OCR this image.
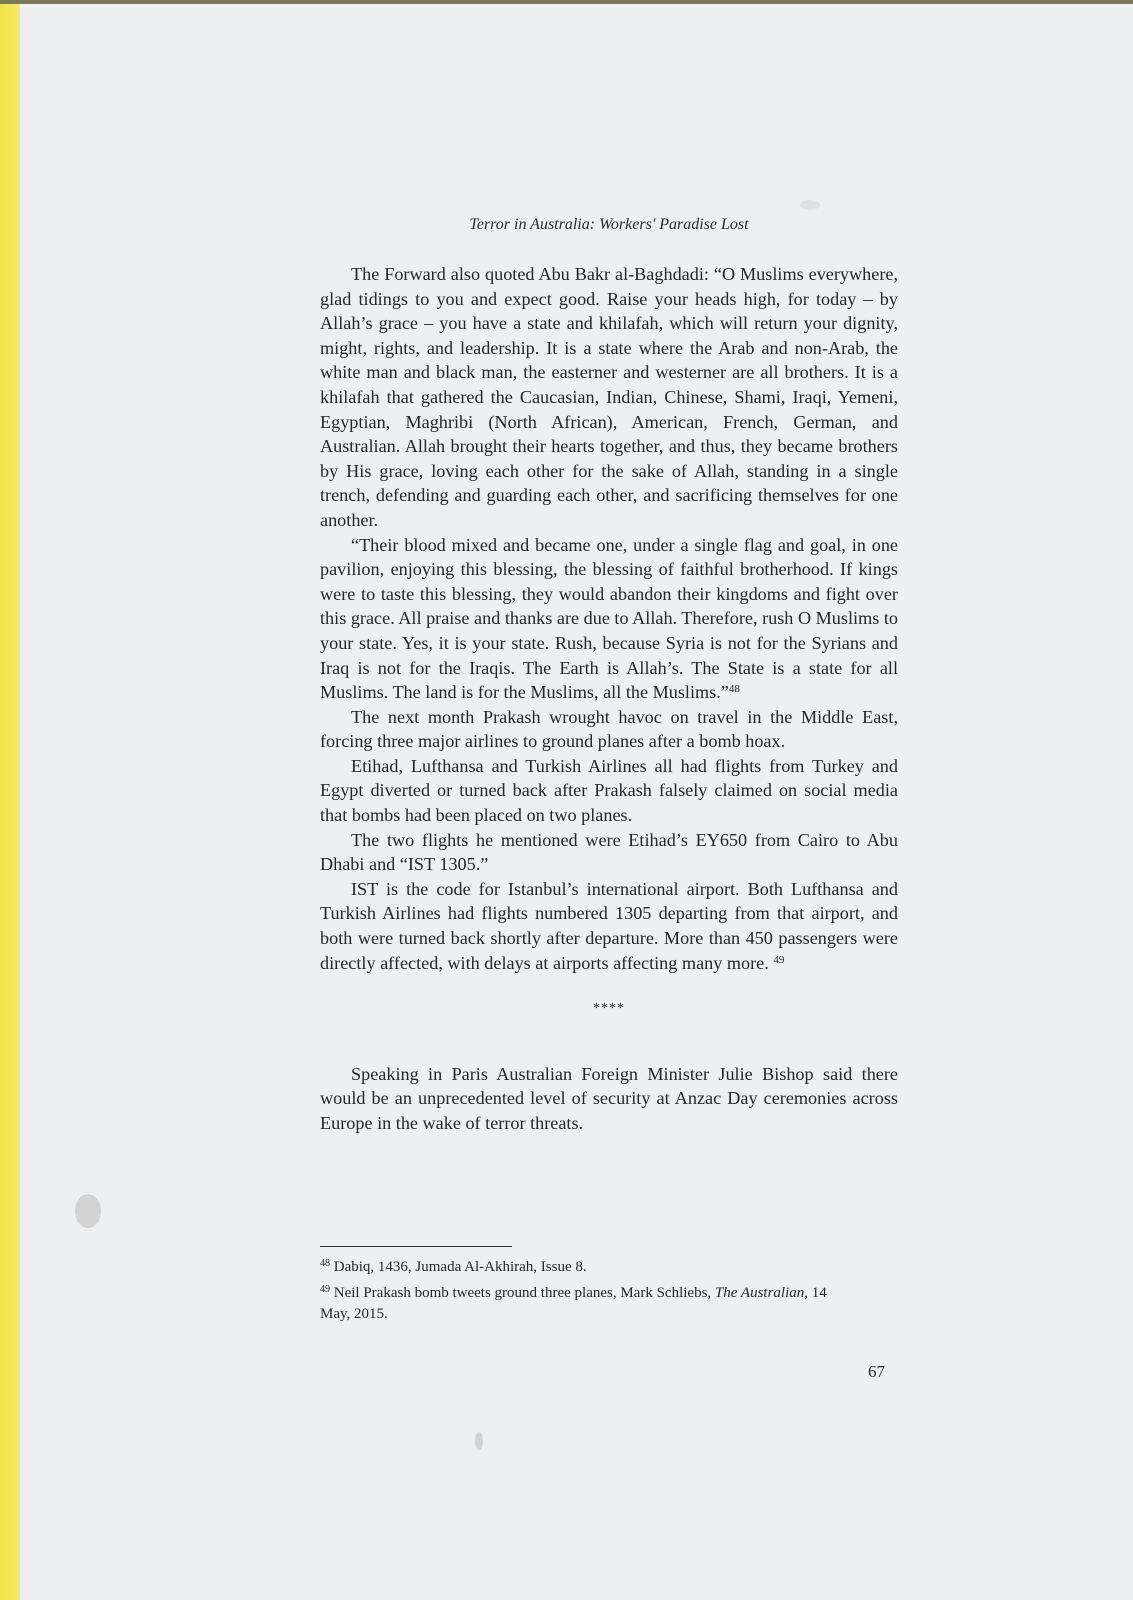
Terror in Australia: Workers' Paradise Lost

The Forward also quoted Abu Bakr al-Baghdadi: “O Muslims everywhere, glad tidings to you and expect good. Raise your heads high, for today – by Allah’s grace – you have a state and khilafah, which will return your dignity, might, rights, and leadership. It is a state where the Arab and non-Arab, the white man and black man, the easterner and westerner are all brothers. It is a khilafah that gathered the Caucasian, Indian, Chinese, Shami, Iraqi, Yemeni, Egyptian, Maghribi (North African), American, French, German, and Australian. Allah brought their hearts together, and thus, they became brothers by His grace, loving each other for the sake of Allah, standing in a single trench, defending and guarding each other, and sacrificing themselves for one another.

“Their blood mixed and became one, under a single flag and goal, in one pavilion, enjoying this blessing, the blessing of faithful brotherhood. If kings were to taste this blessing, they would abandon their kingdoms and fight over this grace. All praise and thanks are due to Allah. Therefore, rush O Muslims to your state. Yes, it is your state. Rush, because Syria is not for the Syrians and Iraq is not for the Iraqis. The Earth is Allah’s. The State is a state for all Muslims. The land is for the Muslims, all the Muslims.”$^{48}$

The next month Prakash wrought havoc on travel in the Middle East, forcing three major airlines to ground planes after a bomb hoax.

Etihad, Lufthansa and Turkish Airlines all had flights from Turkey and Egypt diverted or turned back after Prakash falsely claimed on social media that bombs had been placed on two planes.

The two flights he mentioned were Etihad’s EY650 from Cairo to Abu Dhabi and “IST 1305.”

IST is the code for Istanbul’s international airport. Both Lufthansa and Turkish Airlines had flights numbered 1305 departing from that airport, and both were turned back shortly after departure. More than 450 passengers were directly affected, with delays at airports affecting many more. $^{49}$

****

Speaking in Paris Australian Foreign Minister Julie Bishop said there would be an unprecedented level of security at Anzac Day ceremonies across Europe in the wake of terror threats.

$^{48}$ Dabiq, 1436, Jumada Al-Akhirah, Issue 8.
$^{49}$ Neil Prakash bomb tweets ground three planes, Mark Schliebs, The Australian, 14 May, 2015.
67
